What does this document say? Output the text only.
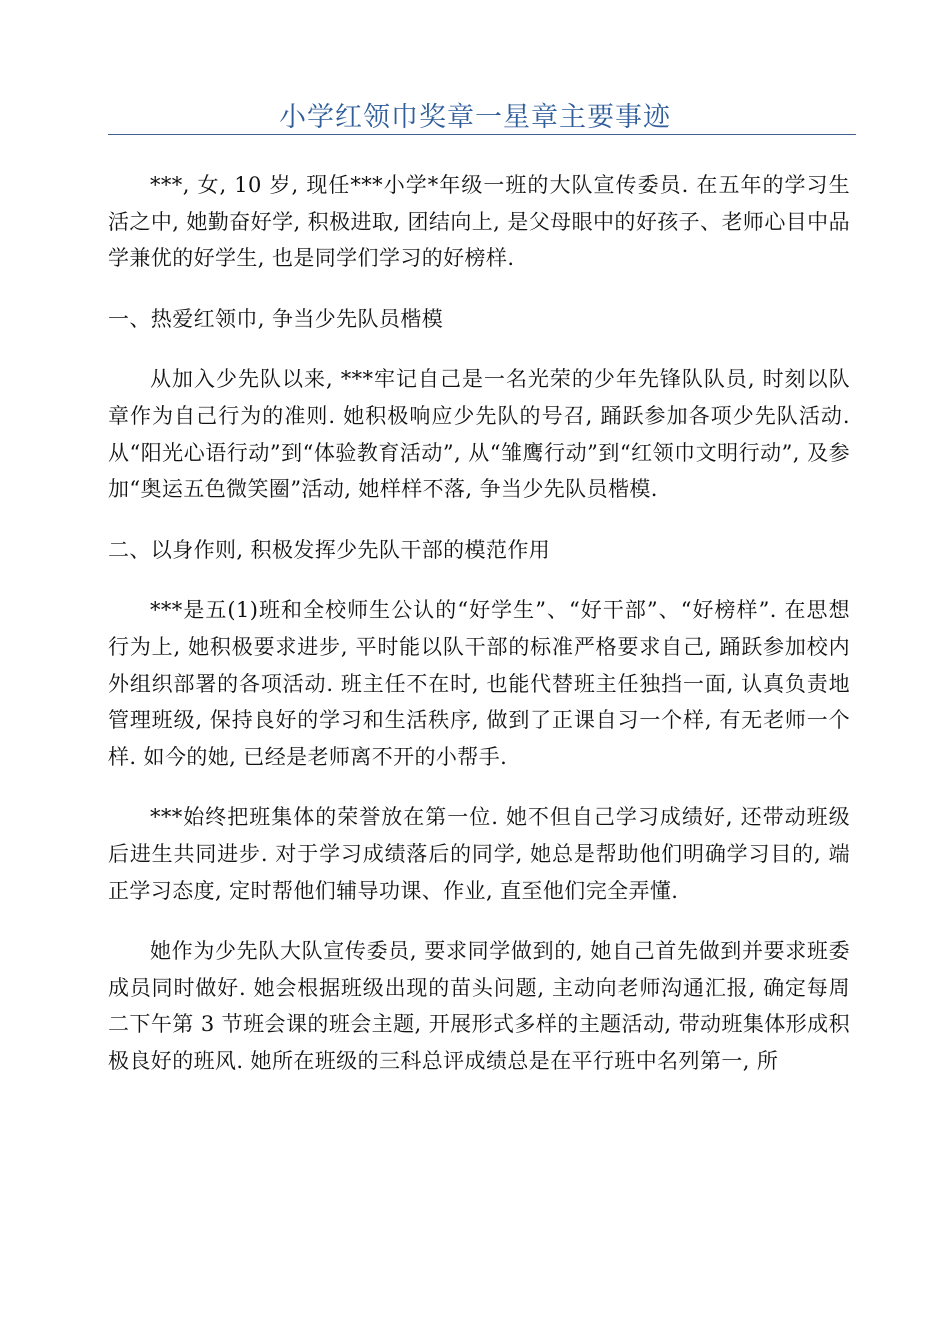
小学红领巾奖章一星章主要事迹

***, 女, 10 岁, 现任***小学*年级一班的大队宣传委员. 在五年的学习生活之中, 她勤奋好学, 积极进取, 团结向上, 是父母眼中的好孩子、老师心目中品学兼优的好学生, 也是同学们学习的好榜样.

一、热爱红领巾, 争当少先队员楷模

从加入少先队以来, ***牢记自己是一名光荣的少年先锋队队员, 时刻以队章作为自己行为的准则. 她积极响应少先队的号召, 踊跃参加各项少先队活动. 从“阳光心语行动”到“体验教育活动”, 从“雏鹰行动”到“红领巾文明行动”, 及参加“奥运五色微笑圈”活动, 她样样不落, 争当少先队员楷模.

二、以身作则, 积极发挥少先队干部的模范作用

***是五(1)班和全校师生公认的“好学生”、“好干部”、“好榜样”. 在思想行为上, 她积极要求进步, 平时能以队干部的标准严格要求自己, 踊跃参加校内外组织部署的各项活动. 班主任不在时, 也能代替班主任独挡一面, 认真负责地管理班级, 保持良好的学习和生活秩序, 做到了正课自习一个样, 有无老师一个样. 如今的她, 已经是老师离不开的小帮手.

***始终把班集体的荣誉放在第一位. 她不但自己学习成绩好, 还带动班级后进生共同进步. 对于学习成绩落后的同学, 她总是帮助他们明确学习目的, 端正学习态度, 定时帮他们辅导功课、作业, 直至他们完全弄懂.

她作为少先队大队宣传委员, 要求同学做到的, 她自己首先做到并要求班委成员同时做好. 她会根据班级出现的苗头问题, 主动向老师沟通汇报, 确定每周二下午第 3 节班会课的班会主题, 开展形式多样的主题活动, 带动班集体形成积极良好的班风. 她所在班级的三科总评成绩总是在平行班中名列第一, 所
